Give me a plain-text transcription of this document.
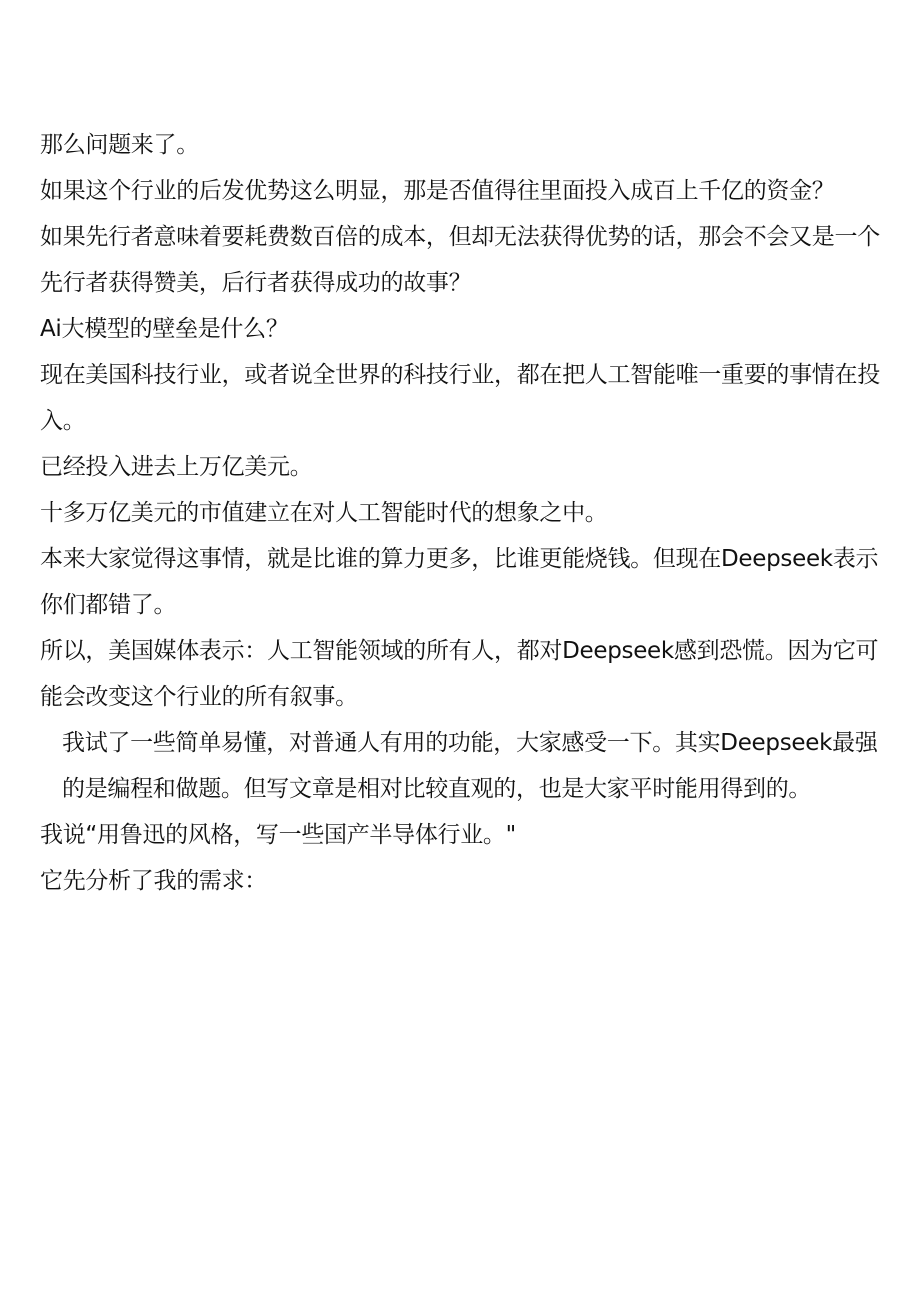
那么问题来了。

如果这个行业的后发优势这么明显，那是否值得往里面投入成百上千亿的资金？

如果先行者意味着要耗费数百倍的成本，但却无法获得优势的话，那会不会又是一个先行者获得赞美，后行者获得成功的故事？

Ai大模型的壁垒是什么？

现在美国科技行业，或者说全世界的科技行业，都在把人工智能唯一重要的事情在投入。

已经投入进去上万亿美元。

十多万亿美元的市值建立在对人工智能时代的想象之中。

本来大家觉得这事情，就是比谁的算力更多，比谁更能烧钱。但现在Deepseek表示你们都错了。

所以，美国媒体表示：人工智能领域的所有人，都对Deepseek感到恐慌。因为它可能会改变这个行业的所有叙事。

我试了一些简单易懂，对普通人有用的功能，大家感受一下。其实Deepseek最强的是编程和做题。但写文章是相对比较直观的，也是大家平时能用得到的。

我说“用鲁迅的风格，写一些国产半导体行业。"

它先分析了我的需求：
